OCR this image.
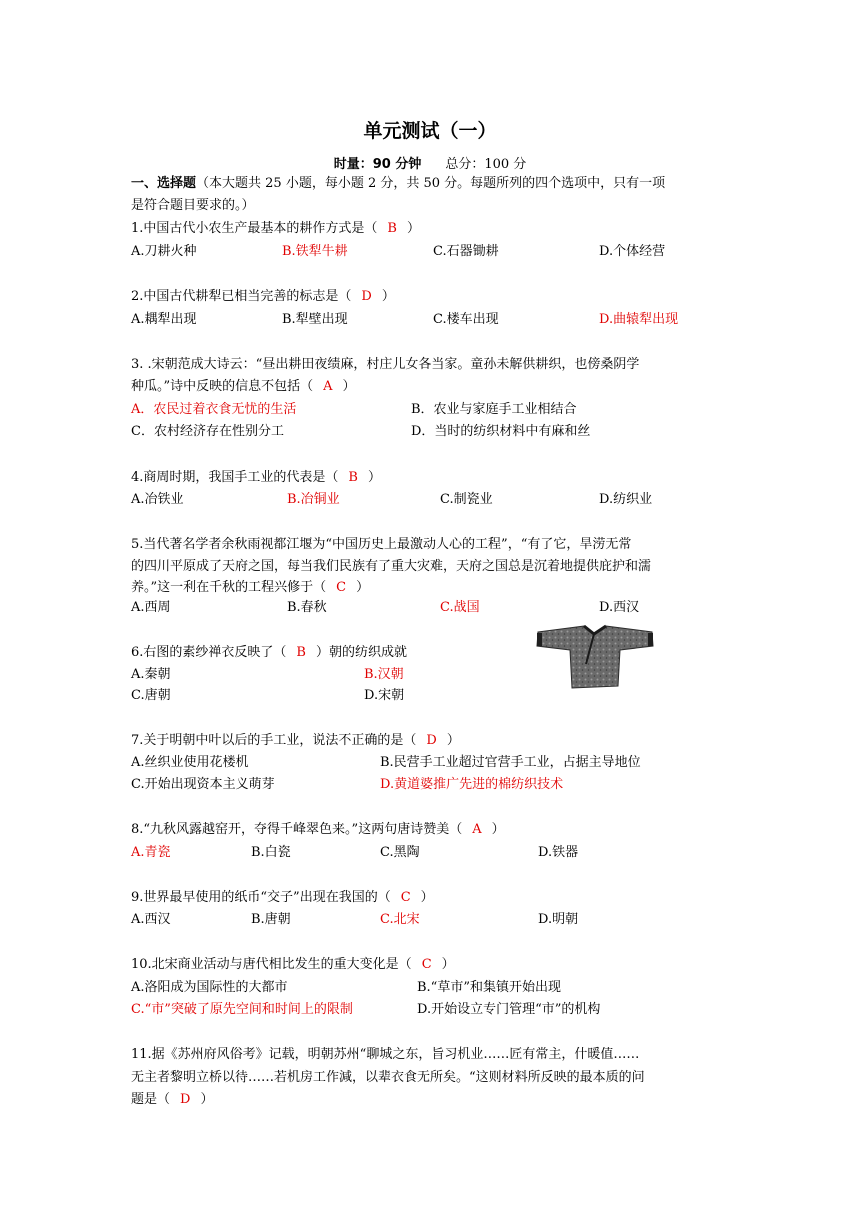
单元测试（一）
时量：90 分钟 总分：100 分
一、选择题（本大题共 25 小题，每小题 2 分，共 50 分。每题所列的四个选项中，只有一项
是符合题目要求的。）
1.中国古代小农生产最基本的耕作方式是（ B ）
A.刀耕火种	B.铁犁牛耕	C.石器锄耕	D.个体经营
2.中国古代耕犁已相当完善的标志是（ D ）
A.耦犁出现	B.犁壁出现	C.楼车出现	D.曲辕犁出现
3. .宋朝范成大诗云：“昼出耕田夜绩麻，村庄儿女各当家。童孙未解供耕织，也傍桑阴学
种瓜。”诗中反映的信息不包括（ A ）
A．农民过着衣食无忧的生活	B．农业与家庭手工业相结合
C．农村经济存在性别分工	D．当时的纺织材料中有麻和丝
4.商周时期，我国手工业的代表是（ B ）
A.冶铁业	B.冶铜业	C.制瓷业	D.纺织业
5.当代著名学者余秋雨视都江堰为“中国历史上最激动人心的工程”，“有了它，旱涝无常
的四川平原成了天府之国，每当我们民族有了重大灾难，天府之国总是沉着地提供庇护和濡
养。”这一利在千秋的工程兴修于（ C ）
A.西周	B.春秋	C.战国	D.西汉
6.右图的素纱禅衣反映了（ B ）朝的纺织成就
A.秦朝	B.汉朝
C.唐朝	D.宋朝
7.关于明朝中叶以后的手工业，说法不正确的是（ D ）
A.丝织业使用花楼机	B.民营手工业超过官营手工业，占据主导地位
C.开始出现资本主义萌芽	D.黄道婆推广先进的棉纺织技术
8.“九秋风露越窑开，夺得千峰翠色来。”这两句唐诗赞美（ A ）
A.青瓷	B.白瓷	C.黑陶	D.铁器
9.世界最早使用的纸币“交子”出现在我国的（ C ）
A.西汉	B.唐朝	C.北宋	D.明朝
10.北宋商业活动与唐代相比发生的重大变化是（ C ）
A.洛阳成为国际性的大都市	B.“草市”和集镇开始出现
C.“市”突破了原先空间和时间上的限制	D.开始设立专门管理“市”的机构
11.据《苏州府风俗考》记载，明朝苏州“聊城之东，旨习机业……匠有常主，什暖值……
无主者黎明立桥以待……若机房工作減，以辈衣食无所矣。“这则材料所反映的最本质的问
题是（ D ）
